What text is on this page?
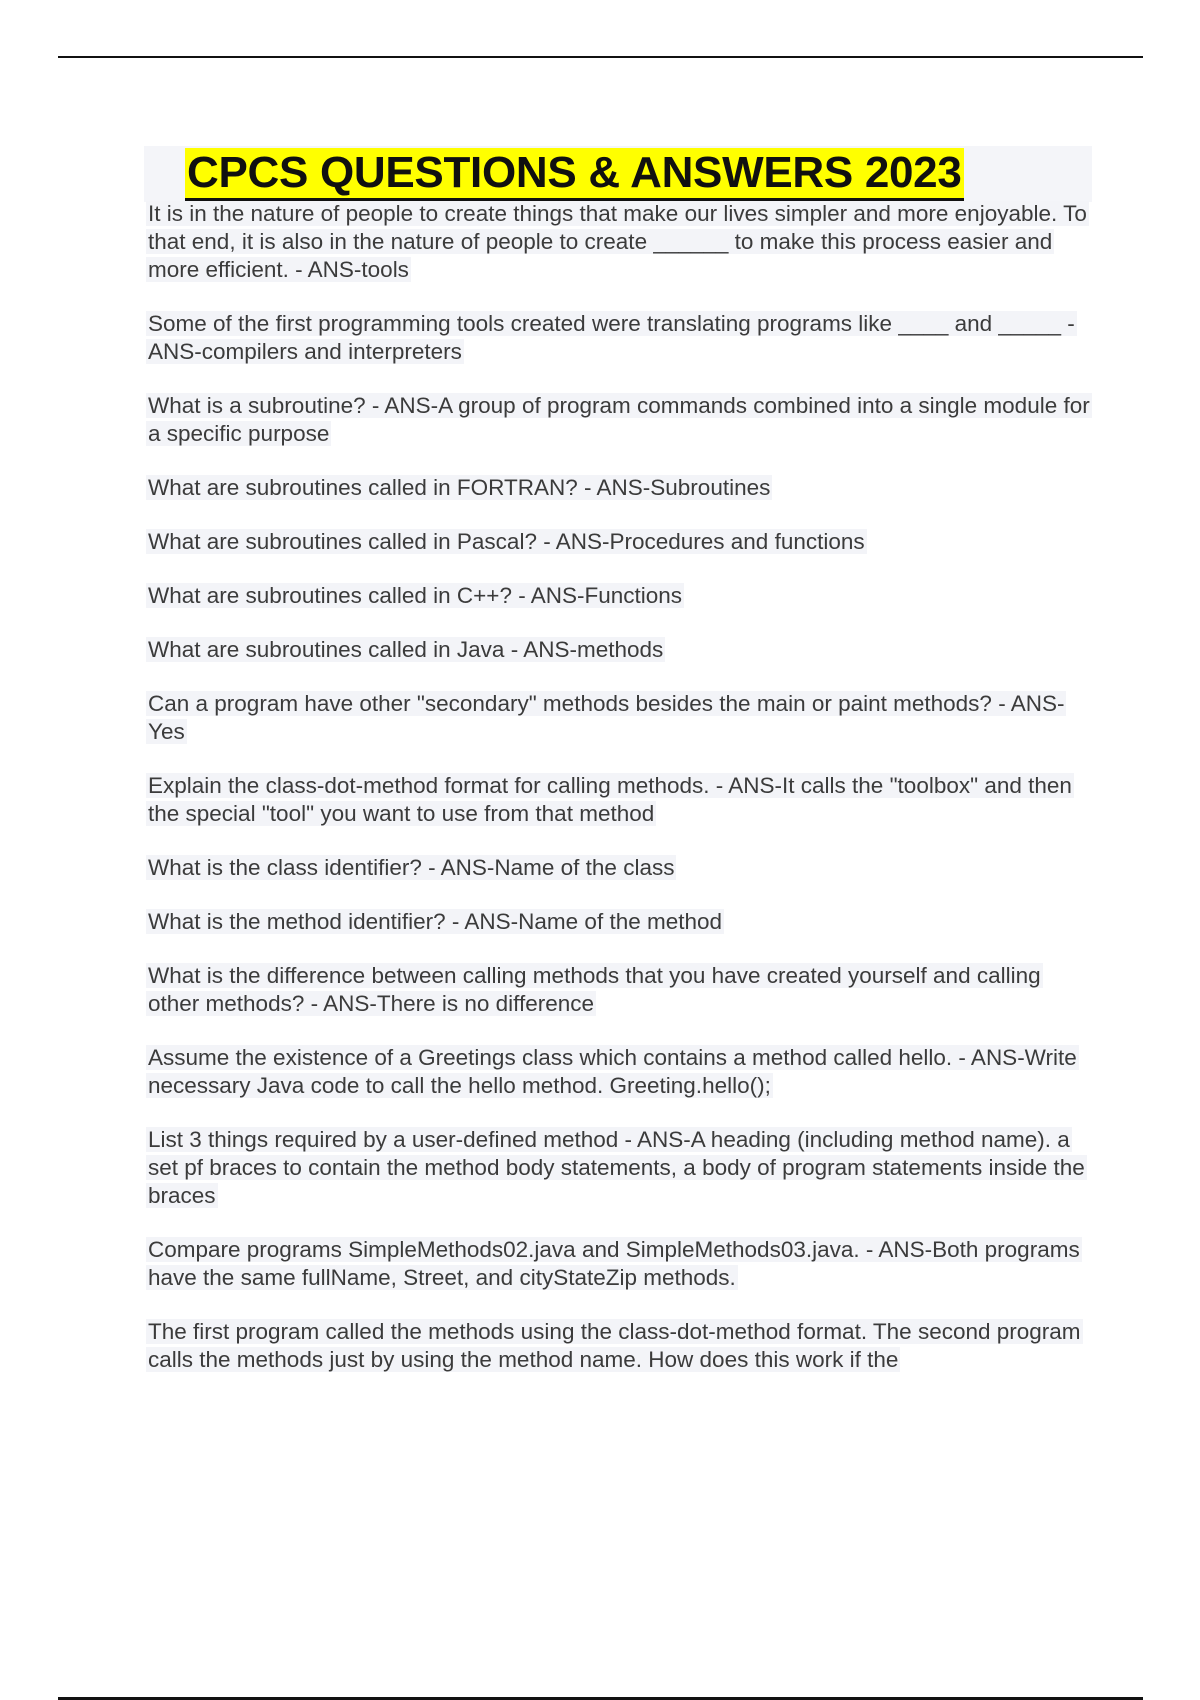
CPCS QUESTIONS & ANSWERS 2023
It is in the nature of people to create things that make our lives simpler and more enjoyable. To that end, it is also in the nature of people to create ______ to make this process easier and more efficient. - ANS-tools
Some of the first programming tools created were translating programs like ____ and _____ - ANS-compilers and interpreters
What is a subroutine? - ANS-A group of program commands combined into a single module for a specific purpose
What are subroutines called in FORTRAN? - ANS-Subroutines
What are subroutines called in Pascal? - ANS-Procedures and functions
What are subroutines called in C++? - ANS-Functions
What are subroutines called in Java - ANS-methods
Can a program have other "secondary" methods besides the main or paint methods? - ANS-Yes
Explain the class-dot-method format for calling methods. - ANS-It calls the "toolbox" and then the special "tool" you want to use from that method
What is the class identifier? - ANS-Name of the class
What is the method identifier? - ANS-Name of the method
What is the difference between calling methods that you have created yourself and calling other methods? - ANS-There is no difference
Assume the existence of a Greetings class which contains a method called hello. - ANS-Write necessary Java code to call the hello method. Greeting.hello();
List 3 things required by a user-defined method - ANS-A heading (including method name). a set pf braces to contain the method body statements, a body of program statements inside the braces
Compare programs SimpleMethods02.java and SimpleMethods03.java. - ANS-Both programs have the same fullName, Street, and cityStateZip methods.
The first program called the methods using the class-dot-method format. The second program calls the methods just by using the method name. How does this work if the
